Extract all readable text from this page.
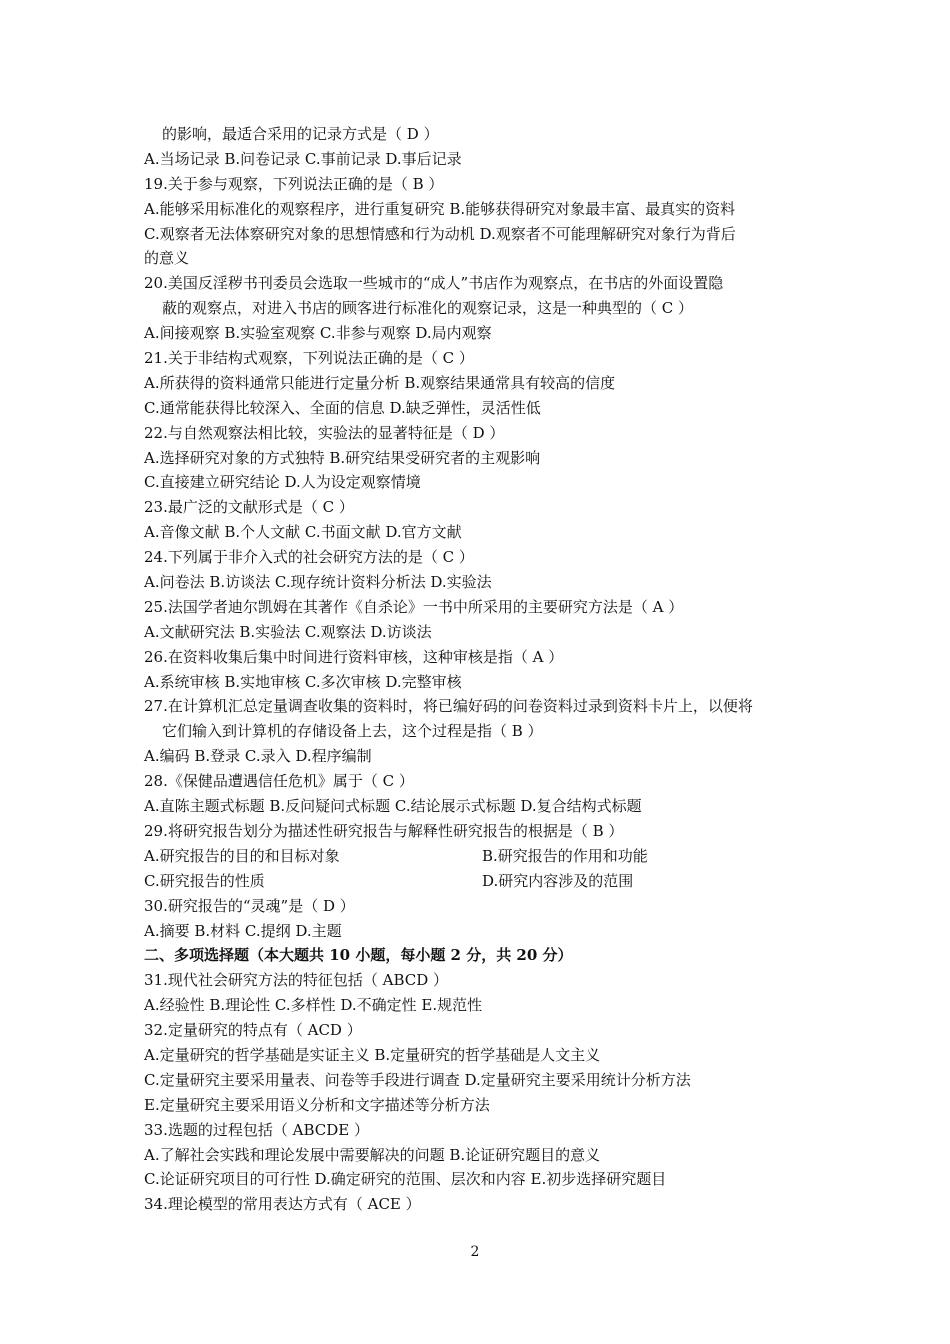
的影响，最适合采用的记录方式是（ D ）
A.当场记录 B.问卷记录 C.事前记录 D.事后记录
19.关于参与观察，下列说法正确的是（ B ）
A.能够采用标准化的观察程序，进行重复研究 B.能够获得研究对象最丰富、最真实的资料
C.观察者无法体察研究对象的思想情感和行为动机 D.观察者不可能理解研究对象行为背后
的意义
20.美国反淫秽书刊委员会选取一些城市的“成人”书店作为观察点，在书店的外面设置隐
蔽的观察点，对进入书店的顾客进行标准化的观察记录，这是一种典型的（ C ）
A.间接观察 B.实验室观察 C.非参与观察 D.局内观察
21.关于非结构式观察，下列说法正确的是（ C ）
A.所获得的资料通常只能进行定量分析 B.观察结果通常具有较高的信度
C.通常能获得比较深入、全面的信息 D.缺乏弹性，灵活性低
22.与自然观察法相比较，实验法的显著特征是（ D ）
A.选择研究对象的方式独特 B.研究结果受研究者的主观影响
C.直接建立研究结论 D.人为设定观察情境
23.最广泛的文献形式是（ C ）
A.音像文献 B.个人文献 C.书面文献 D.官方文献
24.下列属于非介入式的社会研究方法的是（ C ）
A.问卷法 B.访谈法 C.现存统计资料分析法 D.实验法
25.法国学者迪尔凯姆在其著作《自杀论》一书中所采用的主要研究方法是（ A ）
A.文献研究法 B.实验法 C.观察法 D.访谈法
26.在资料收集后集中时间进行资料审核，这种审核是指（ A ）
A.系统审核 B.实地审核 C.多次审核 D.完整审核
27.在计算机汇总定量调查收集的资料时，将已编好码的问卷资料过录到资料卡片上，以便将
它们输入到计算机的存储设备上去，这个过程是指（ B ）
A.编码 B.登录 C.录入 D.程序编制
28.《保健品遭遇信任危机》属于（ C ）
A.直陈主题式标题 B.反问疑问式标题 C.结论展示式标题 D.复合结构式标题
29.将研究报告划分为描述性研究报告与解释性研究报告的根据是（ B ）
A.研究报告的目的和目标对象	B.研究报告的作用和功能
C.研究报告的性质	D.研究内容涉及的范围
30.研究报告的“灵魂”是（ D ）
A.摘要 B.材料 C.提纲 D.主题
二、多项选择题（本大题共 10 小题，每小题 2 分，共 20 分）
31.现代社会研究方法的特征包括（ ABCD ）
A.经验性 B.理论性 C.多样性 D.不确定性 E.规范性
32.定量研究的特点有（ ACD ）
A.定量研究的哲学基础是实证主义 B.定量研究的哲学基础是人文主义
C.定量研究主要采用量表、问卷等手段进行调查 D.定量研究主要采用统计分析方法
E.定量研究主要采用语义分析和文字描述等分析方法
33.选题的过程包括（ ABCDE ）
A.了解社会实践和理论发展中需要解决的问题 B.论证研究题目的意义
C.论证研究项目的可行性 D.确定研究的范围、层次和内容 E.初步选择研究题目
34.理论模型的常用表达方式有（ ACE ）
2
